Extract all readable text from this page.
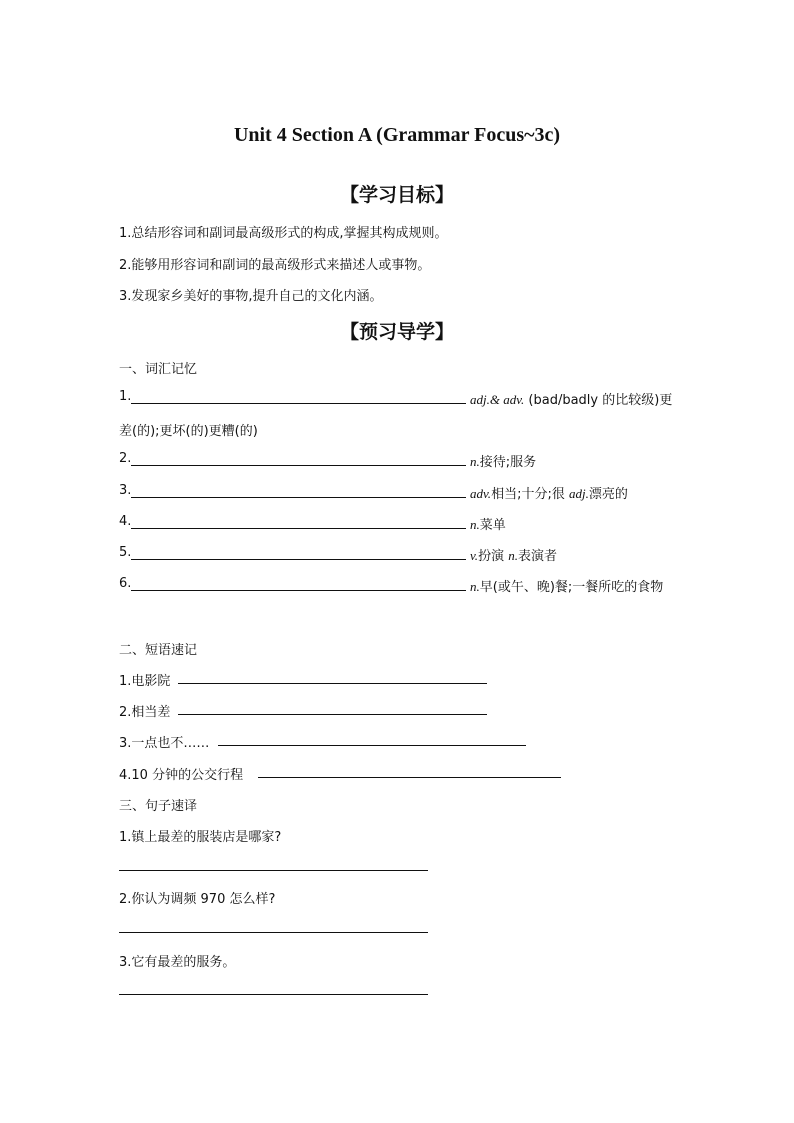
Unit 4 Section A (Grammar Focus~3c)
【学习目标】
1.总结形容词和副词最高级形式的构成,掌握其构成规则。
2.能够用形容词和副词的最高级形式来描述人或事物。
3.发现家乡美好的事物,提升自己的文化内涵。
【预习导学】
一、词汇记忆
1.	adj.& adv. (bad/badly 的比较级)更
差(的);更坏(的)更糟(的)
2.	n.接待;服务
3.	adv.相当;十分;很 adj.漂亮的
4.	n.菜单
5.	v.扮演 n.表演者
6.	n.早(或午、晚)餐;一餐所吃的食物
二、短语速记
1.电影院
2.相当差
3.一点也不……
4.10 分钟的公交行程
三、句子速译
1.镇上最差的服装店是哪家?
2.你认为调频 970 怎么样?
3.它有最差的服务。
